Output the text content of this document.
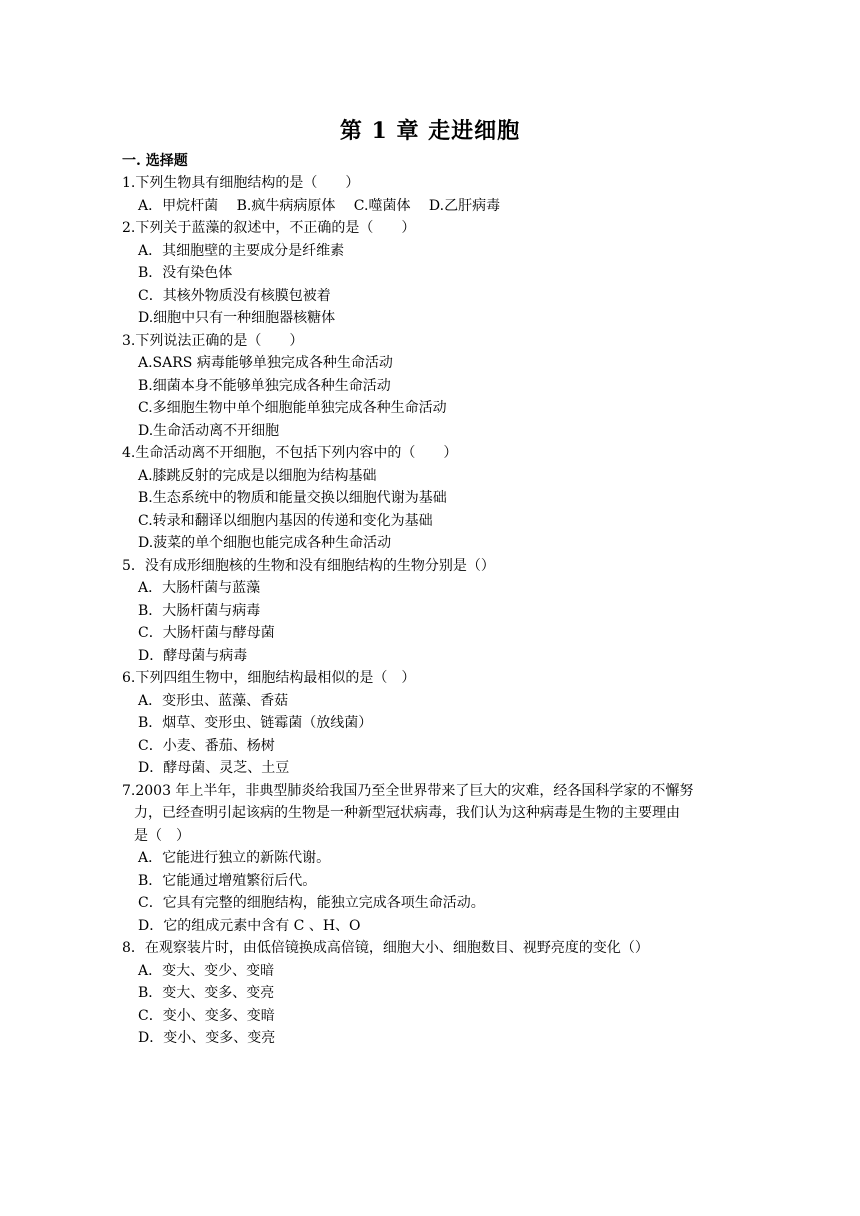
第 1 章 走进细胞
一. 选择题
1.下列生物具有细胞结构的是（　　）
A．甲烷杆菌 B.疯牛病病原体 C.噬菌体 D.乙肝病毒
2.下列关于蓝藻的叙述中，不正确的是（　　）
A．其细胞壁的主要成分是纤维素
B．没有染色体
C．其核外物质没有核膜包被着
D.细胞中只有一种细胞器核糖体
3.下列说法正确的是（　　）
A.SARS 病毒能够单独完成各种生命活动
B.细菌本身不能够单独完成各种生命活动
C.多细胞生物中单个细胞能单独完成各种生命活动
D.生命活动离不开细胞
4.生命活动离不开细胞，不包括下列内容中的（　　）
A.膝跳反射的完成是以细胞为结构基础
B.生态系统中的物质和能量交换以细胞代谢为基础
C.转录和翻译以细胞内基因的传递和变化为基础
D.菠菜的单个细胞也能完成各种生命活动
5．没有成形细胞核的生物和没有细胞结构的生物分别是（）
A．大肠杆菌与蓝藻
B．大肠杆菌与病毒
C．大肠杆菌与酵母菌
D．酵母菌与病毒
6.下列四组生物中，细胞结构最相似的是（　）
A．变形虫、蓝藻、香菇
B．烟草、变形虫、链霉菌（放线菌）
C．小麦、番茄、杨树
D．酵母菌、灵芝、土豆
7.2003 年上半年，非典型肺炎给我国乃至全世界带来了巨大的灾难，经各国科学家的不懈努
力，已经查明引起该病的生物是一种新型冠状病毒，我们认为这种病毒是生物的主要理由
是（　）
A．它能进行独立的新陈代谢。
B．它能通过增殖繁衍后代。
C．它具有完整的细胞结构，能独立完成各项生命活动。
D．它的组成元素中含有 C 、H、O
8．在观察装片时，由低倍镜换成高倍镜，细胞大小、细胞数目、视野亮度的变化（）
A．变大、变少、变暗
B．变大、变多、变亮
C．变小、变多、变暗
D．变小、变多、变亮
